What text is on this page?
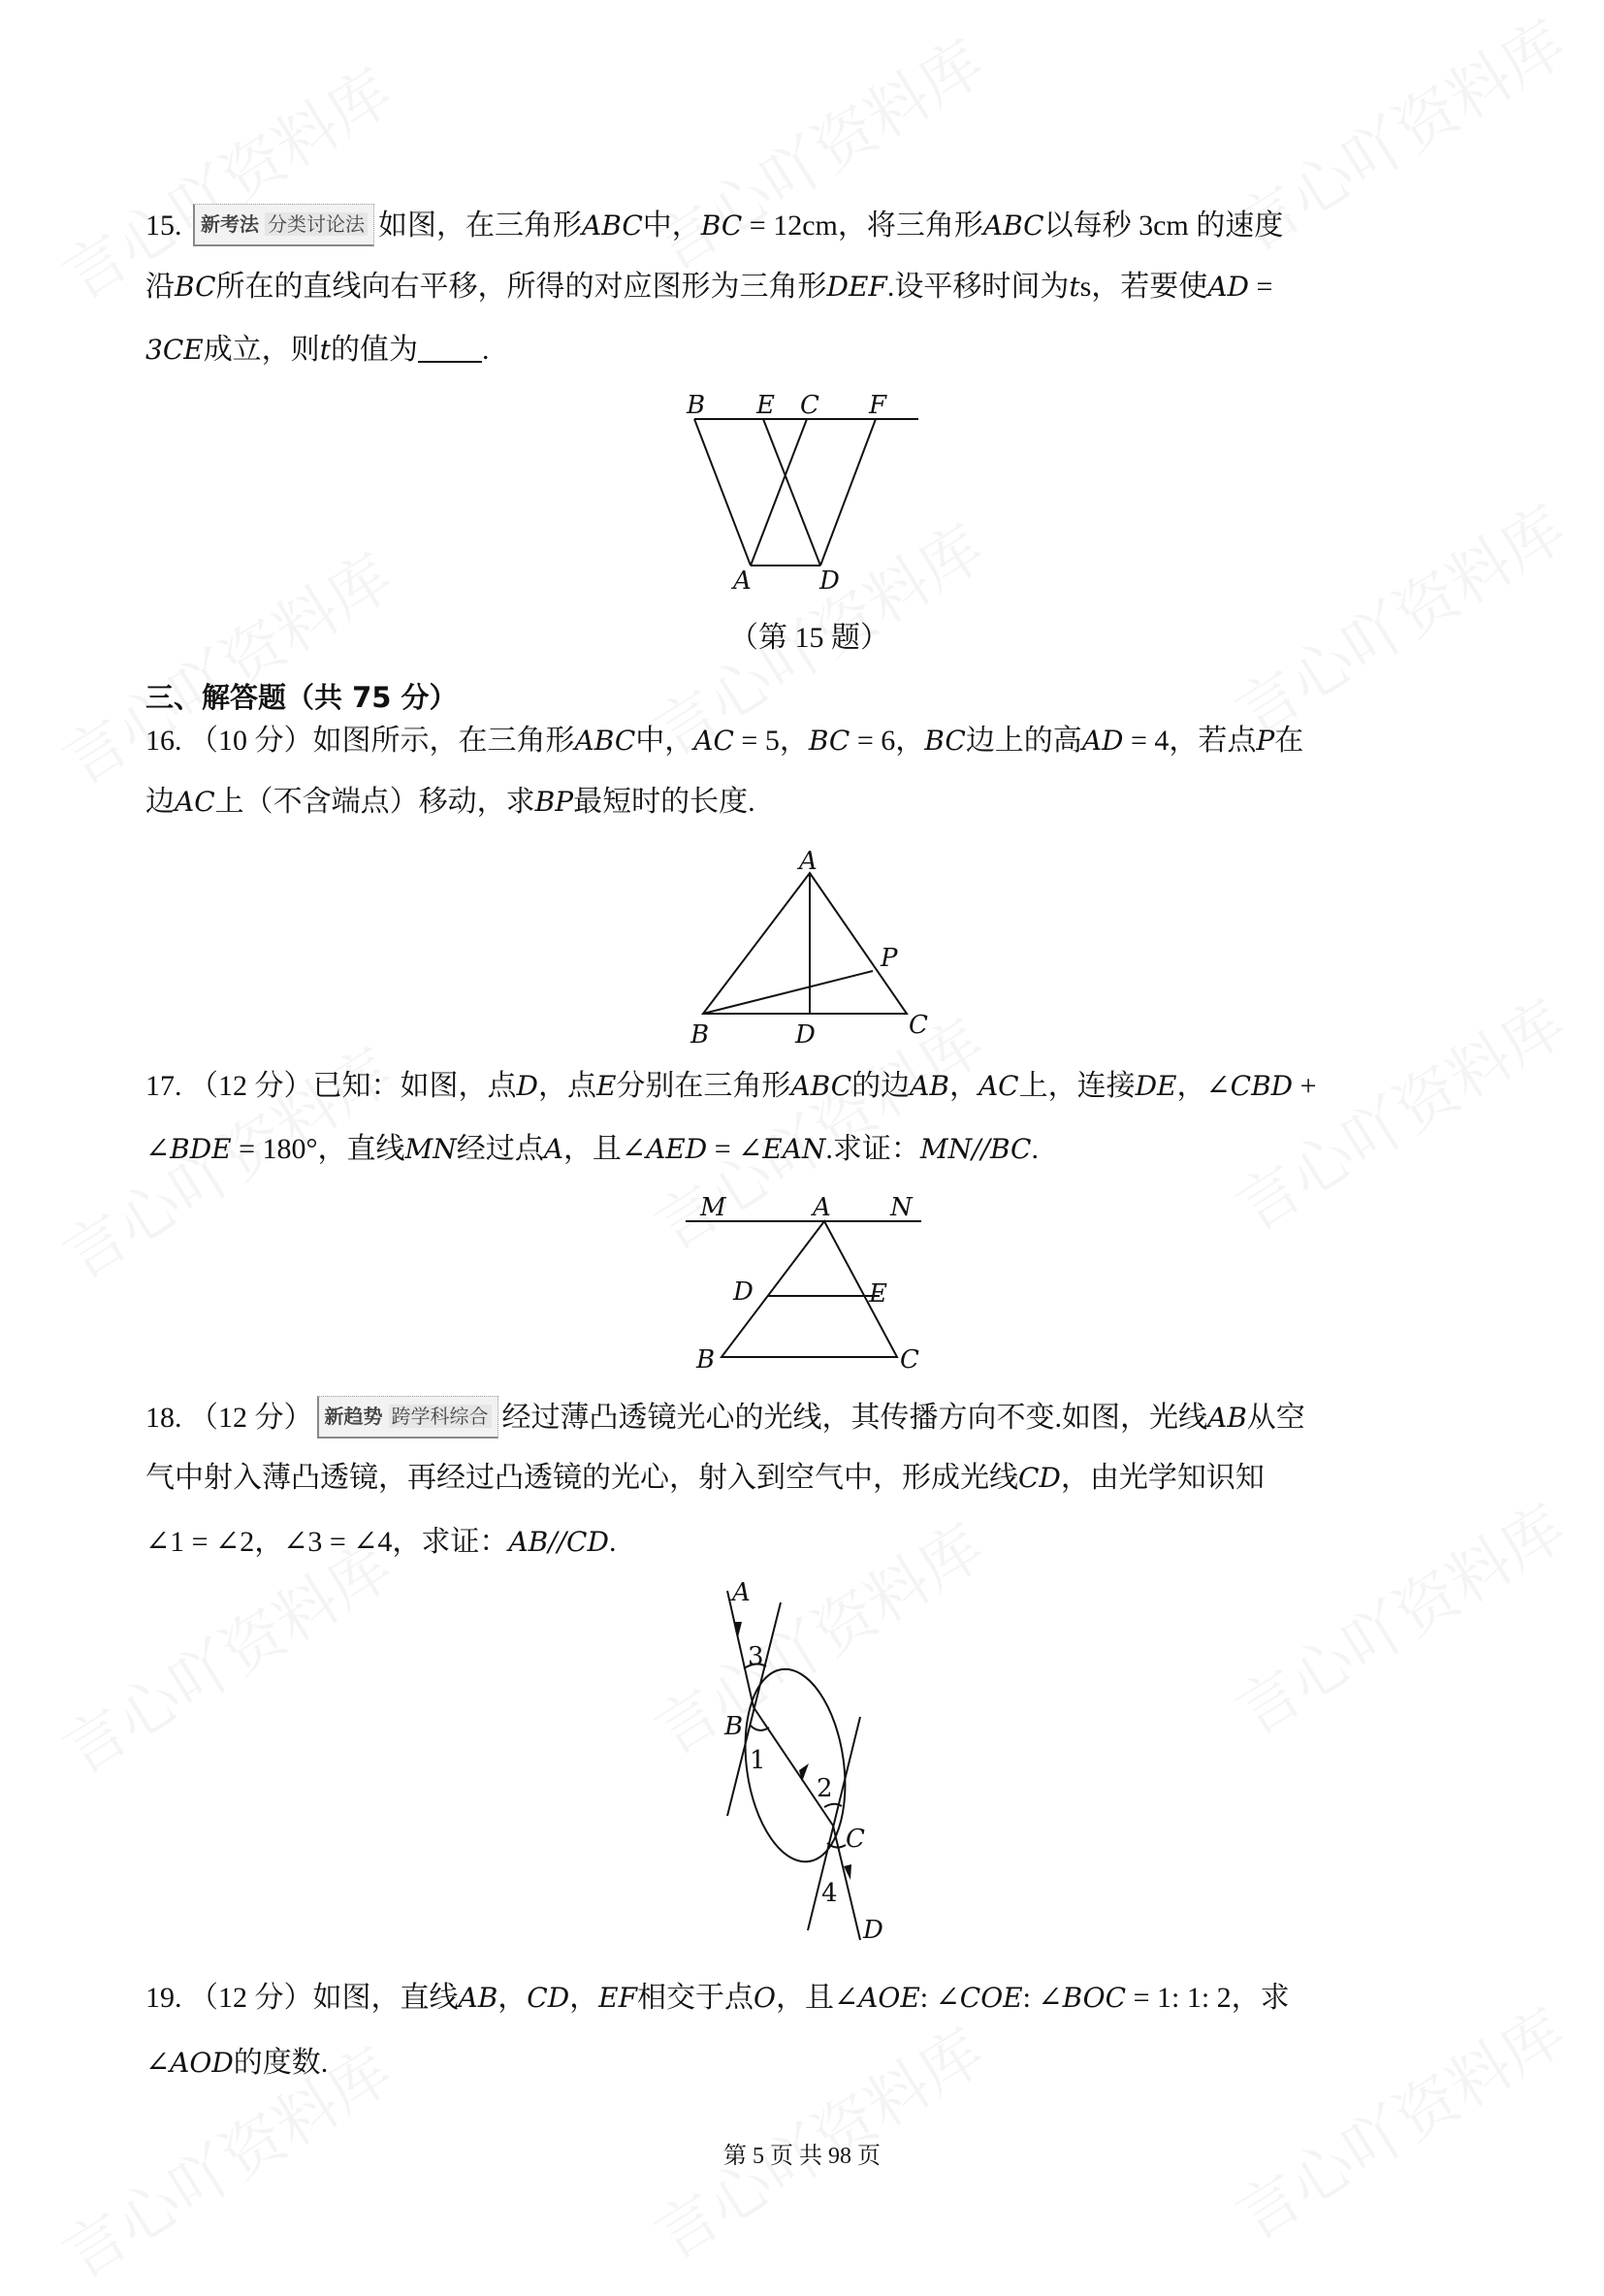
15. 新考法 分类讨论法 如图，在三角形ABC中，BC = 12cm，将三角形ABC以每秒 3cm 的速度
沿BC所在的直线向右平移，所得的对应图形为三角形DEF.设平移时间为ts，若要使AD =
3CE成立，则t的值为 .
B E C F
A	D
（第 15 题）
三、解答题（共 75 分）
16. （10 分）如图所示，在三角形ABC中，AC = 5，BC = 6，BC边上的高AD = 4，若点P在
边AC上（不含端点）移动，求BP最短时的长度.
A
B	D	C
P
17. （12 分）已知：如图，点D，点E分别在三角形ABC的边AB，AC上，连接DE，∠CBD +
∠BDE = 180°，直线MN经过点A，且∠AED = ∠EAN.求证：MN//BC.
M	A N
D	E
B	C
18. （12 分） 新趋势 跨学科综合 经过薄凸透镜光心的光线，其传播方向不变.如图，光线AB从空
气中射入薄凸透镜，再经过凸透镜的光心，射入到空气中，形成光线CD，由光学知识知
∠1 = ∠2，∠3 = ∠4，求证：AB//CD.
A
B
C
D
3
1
2
4
19. （12 分）如图，直线AB，CD，EF相交于点O，且∠AOE: ∠COE: ∠BOC = 1: 1: 2，求
∠AOD的度数.
第 5 页 共 98 页
